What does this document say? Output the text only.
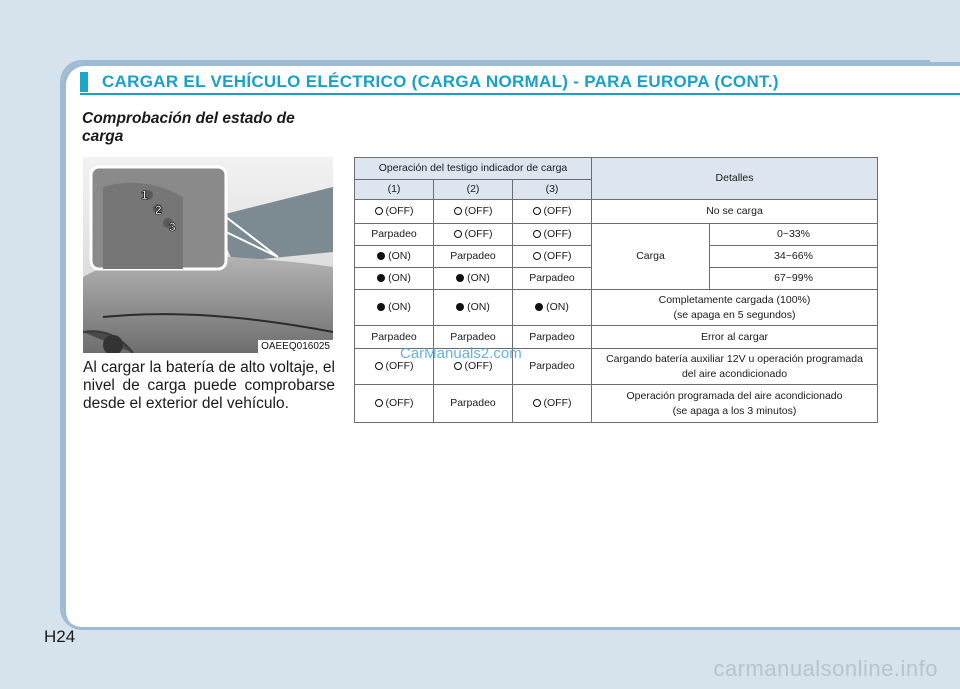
CARGAR EL VEHÍCULO ELÉCTRICO (CARGA NORMAL) - PARA EUROPA (CONT.)
Comprobación del estado de carga
1
2
3
OAEEQ016025
Al cargar la batería de alto voltaje, el nivel de carga puede comprobarse desde el exterior del vehículo.
Operación del testigo indicador de carga			Detalles	
(1)	(2)	(3)		
(OFF)	(OFF)	(OFF)	No se carga	
Parpadeo	(OFF)	(OFF)	Carga	0~33%
(ON)	Parpadeo	(OFF)		34~66%
(ON)	(ON)	Parpadeo		67~99%
(ON)	(ON)	(ON)	Completamente cargada (100%)
(se apaga en 5 segundos)	
Parpadeo	Parpadeo	Parpadeo	Error al cargar	
(OFF)	(OFF)	Parpadeo	Cargando batería auxiliar 12V u operación programada
del aire acondicionado	
(OFF)	Parpadeo	(OFF)	Operación programada del aire acondicionado
(se apaga a los 3 minutos)	
CarManuals2.com
H24
carmanualsonline.info
